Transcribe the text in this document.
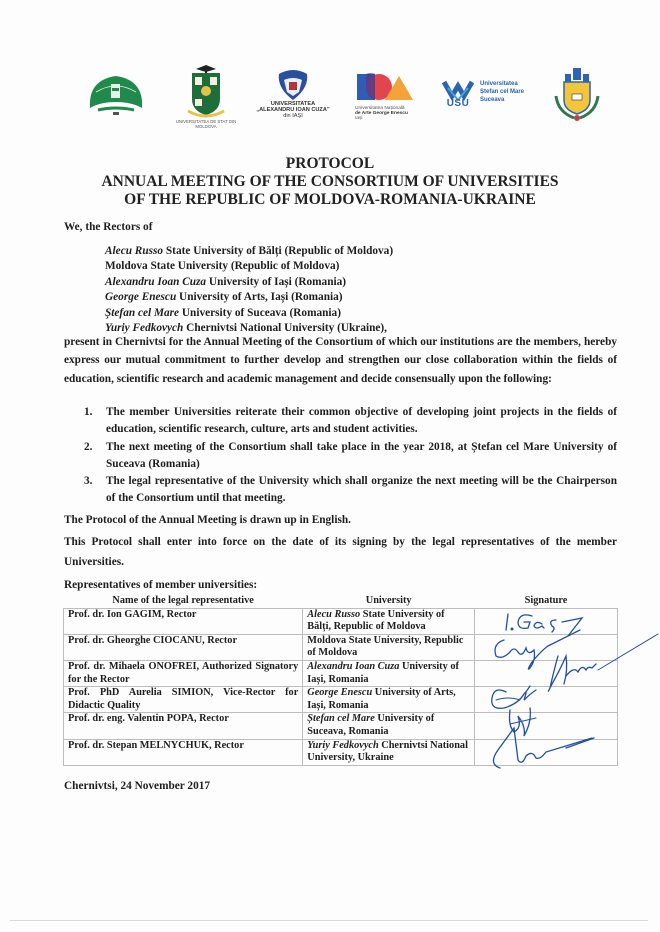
UNIVERSITATEA DE STAT DIN MOLDOVA
UNIVERSITATEA
„ALEXANDRU IOAN CUZA”
din IAȘI
Universitatea Națională
de Arte George Enescu
Iași
USU
Universitatea
Ștefan cel Mare
Suceava
PROTOCOL
ANNUAL MEETING OF THE CONSORTIUM OF UNIVERSITIES
OF THE REPUBLIC OF MOLDOVA-ROMANIA-UKRAINE
We, the Rectors of
Alecu Russo State University of Bălți (Republic of Moldova)
Moldova State University (Republic of Moldova)
Alexandru Ioan Cuza University of Iași (Romania)
George Enescu University of Arts, Iași (Romania)
Ștefan cel Mare University of Suceava (Romania)
Yuriy Fedkovych Chernivtsi National University (Ukraine),
present in Chernivtsi for the Annual Meeting of the Consortium of which our institutions are the members, hereby express our mutual commitment to further develop and strengthen our close collaboration within the fields of education, scientific research and academic management and decide consensually upon the following:
1.	The member Universities reiterate their common objective of developing joint projects in the fields of education, scientific research, culture, arts and student activities.
2.	The next meeting of the Consortium shall take place in the year 2018, at Ștefan cel Mare University of Suceava (Romania)
3.	The legal representative of the University which shall organize the next meeting will be the Chairperson of the Consortium until that meeting.
The Protocol of the Annual Meeting is drawn up in English.
This Protocol shall enter into force on the date of its signing by the legal representatives of the member Universities.
Representatives of member universities:
Name of the legal representative	University	Signature
Prof. dr. Ion GAGIM, Rector	Alecu Russo State University of Bălți, Republic of Moldova	
Prof. dr. Gheorghe CIOCANU, Rector	Moldova State University, Republic of Moldova	
Prof. dr. Mihaela ONOFREI, Authorized Signatory for the Rector	Alexandru Ioan Cuza University of Iași, Romania	
Prof. PhD Aurelia SIMION, Vice-Rector for Didactic Quality	George Enescu University of Arts, Iași, Romania	
Prof. dr. eng. Valentin POPA, Rector	Ștefan cel Mare University of Suceava, Romania	
Prof. dr. Stepan MELNYCHUK, Rector	Yuriy Fedkovych Chernivtsi National University, Ukraine	
Chernivtsi, 24 November 2017
